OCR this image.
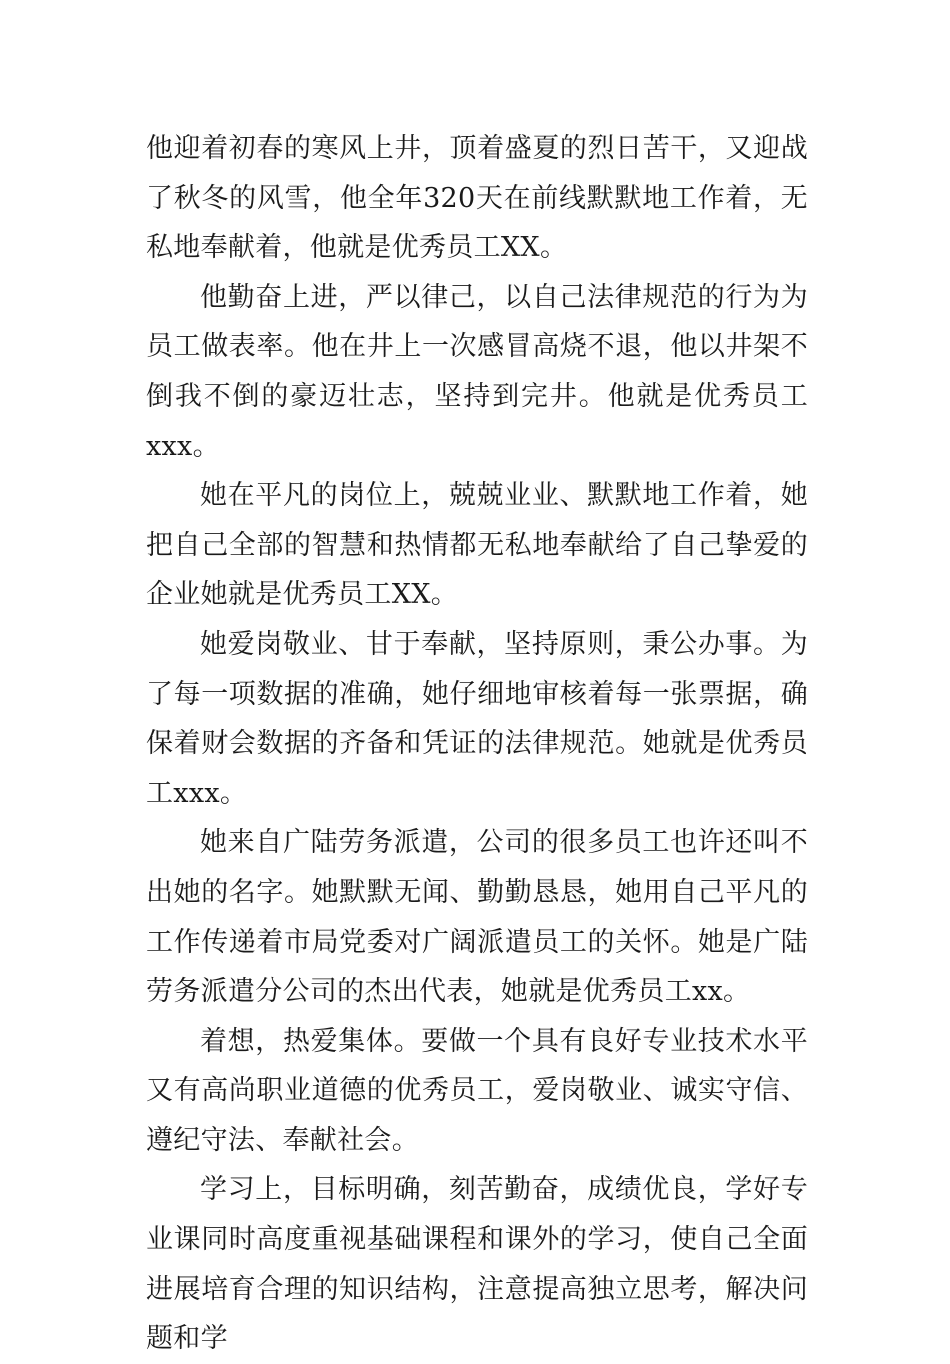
他迎着初春的寒风上井，顶着盛夏的烈日苦干，又迎战了秋冬的风雪，他全年320天在前线默默地工作着，无私地奉献着，他就是优秀员工XX。

他勤奋上进，严以律己，以自己法律规范的行为为员工做表率。他在井上一次感冒高烧不退，他以井架不倒我不倒的豪迈壮志，坚持到完井。他就是优秀员工xxx。

她在平凡的岗位上，兢兢业业、默默地工作着，她把自己全部的智慧和热情都无私地奉献给了自己挚爱的企业她就是优秀员工XX。

她爱岗敬业、甘于奉献，坚持原则，秉公办事。为了每一项数据的准确，她仔细地审核着每一张票据，确保着财会数据的齐备和凭证的法律规范。她就是优秀员工xxx。

她来自广陆劳务派遣，公司的很多员工也许还叫不出她的名字。她默默无闻、勤勤恳恳，她用自己平凡的工作传递着市局党委对广阔派遣员工的关怀。她是广陆劳务派遣分公司的杰出代表，她就是优秀员工xx。

着想，热爱集体。要做一个具有良好专业技术水平又有高尚职业道德的优秀员工，爱岗敬业、诚实守信、遵纪守法、奉献社会。

学习上，目标明确，刻苦勤奋，成绩优良，学好专业课同时高度重视基础课程和课外的学习，使自己全面进展培育合理的知识结构，注意提高独立思考，解决问题和学
